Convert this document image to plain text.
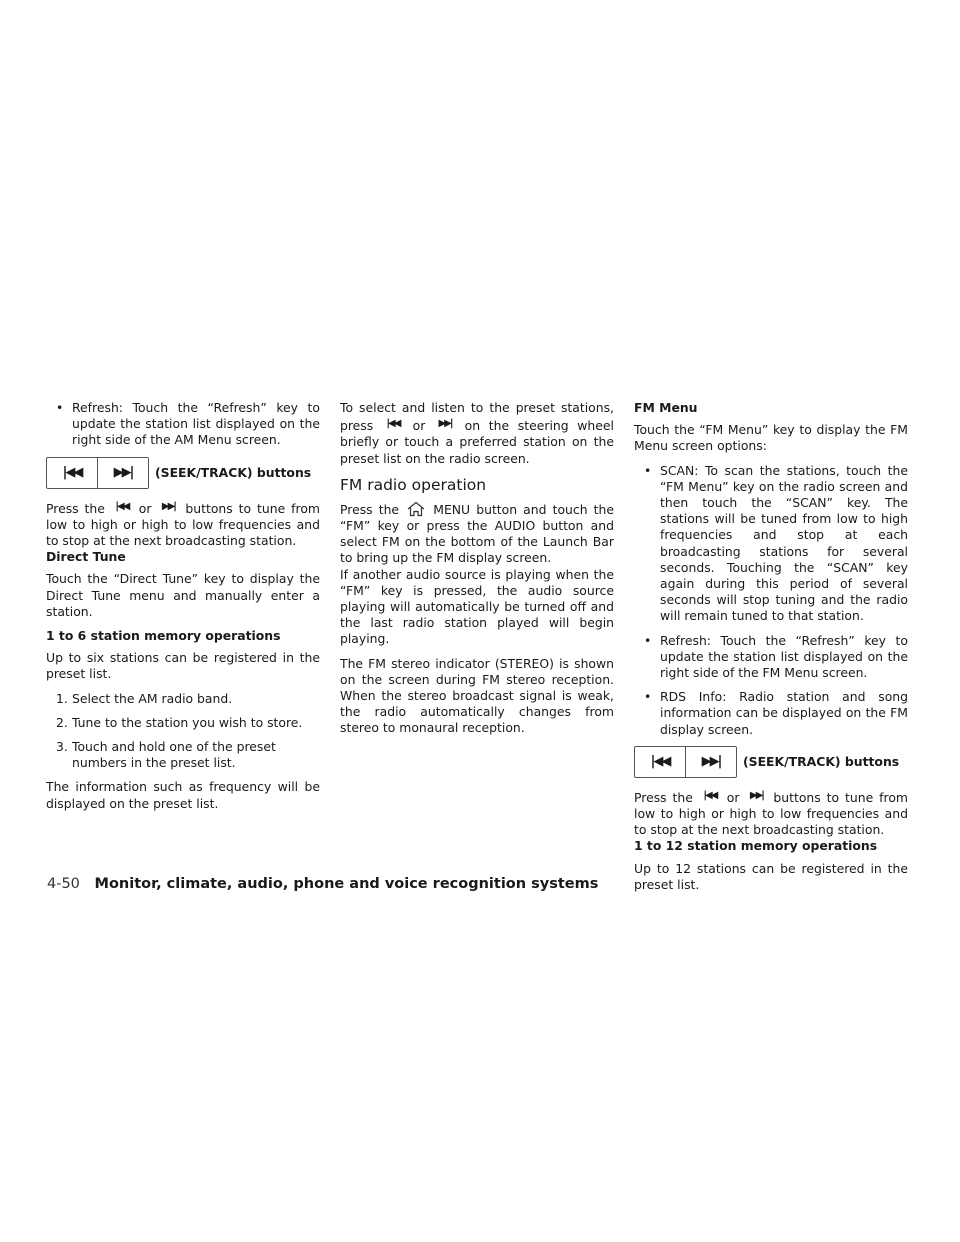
• Refresh: Touch the “Refresh” key to update the station list displayed on the right side of the AM Menu screen.
|◀◀	▶▶|	(SEEK/TRACK) buttons

Press the |◀◀ or ▶▶| buttons to tune from low to high or high to low frequencies and to stop at the next broadcasting station.

Direct Tune

Touch the “Direct Tune” key to display the Direct Tune menu and manually enter a station.

1 to 6 station memory operations

Up to six stations can be registered in the preset list.

1. Select the AM radio band.
2. Tune to the station you wish to store.
3. Touch and hold one of the preset numbers in the preset list.

The information such as frequency will be displayed on the preset list.

To select and listen to the preset stations, press |◀◀ or ▶▶| on the steering wheel briefly or touch a preferred station on the preset list on the radio screen.

FM radio operation

Press the	MENU button and touch the “FM” key or press the AUDIO button and select FM on the bottom of the Launch Bar to bring up the FM display screen.

If another audio source is playing when the “FM” key is pressed, the audio source playing will automatically be turned off and the last radio station played will begin playing.

The FM stereo indicator (STEREO) is shown on the screen during FM stereo reception. When the stereo broadcast signal is weak, the radio automatically changes from stereo to monaural reception.

FM Menu

Touch the “FM Menu” key to display the FM Menu screen options:

• SCAN: To scan the stations, touch the “FM Menu” key on the radio screen and then touch the “SCAN” key. The stations will be tuned from low to high frequencies and stop at each broadcasting stations for several seconds. Touching the “SCAN” key again during this period of several seconds will stop tuning and the radio will remain tuned to that station.
• Refresh: Touch the “Refresh” key to update the station list displayed on the right side of the FM Menu screen.
• RDS Info: Radio station and song information can be displayed on the FM display screen.
|◀◀	▶▶|	(SEEK/TRACK) buttons

Press the |◀◀ or ▶▶| buttons to tune from low to high or high to low frequencies and to stop at the next broadcasting station.

1 to 12 station memory operations

Up to 12 stations can be registered in the preset list.

4-50 Monitor, climate, audio, phone and voice recognition systems
